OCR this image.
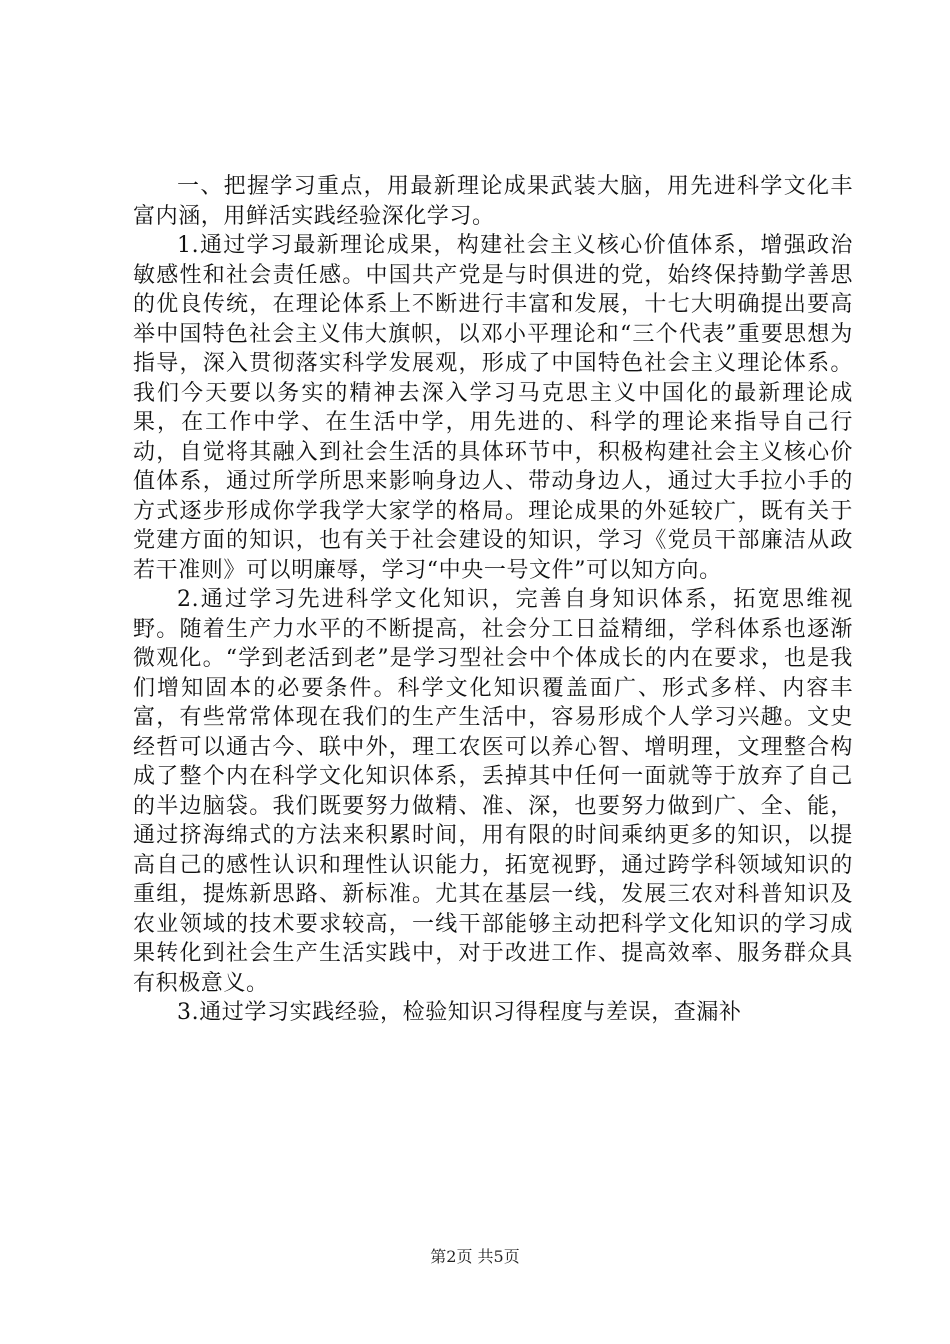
一、把握学习重点，用最新理论成果武装大脑，用先进科学文化丰富内涵，用鲜活实践经验深化学习。

1.通过学习最新理论成果，构建社会主义核心价值体系，增强政治敏感性和社会责任感。中国共产党是与时俱进的党，始终保持勤学善思的优良传统，在理论体系上不断进行丰富和发展，十七大明确提出要高举中国特色社会主义伟大旗帜，以邓小平理论和“三个代表”重要思想为指导，深入贯彻落实科学发展观，形成了中国特色社会主义理论体系。我们今天要以务实的精神去深入学习马克思主义中国化的最新理论成果，在工作中学、在生活中学，用先进的、科学的理论来指导自己行动，自觉将其融入到社会生活的具体环节中，积极构建社会主义核心价值体系，通过所学所思来影响身边人、带动身边人，通过大手拉小手的方式逐步形成你学我学大家学的格局。理论成果的外延较广，既有关于党建方面的知识，也有关于社会建设的知识，学习《党员干部廉洁从政若干准则》可以明廉辱，学习“中央一号文件”可以知方向。

2.通过学习先进科学文化知识，完善自身知识体系，拓宽思维视野。随着生产力水平的不断提高，社会分工日益精细，学科体系也逐渐微观化。“学到老活到老”是学习型社会中个体成长的内在要求，也是我们增知固本的必要条件。科学文化知识覆盖面广、形式多样、内容丰富，有些常常体现在我们的生产生活中，容易形成个人学习兴趣。文史经哲可以通古今、联中外，理工农医可以养心智、增明理，文理整合构成了整个内在科学文化知识体系，丢掉其中任何一面就等于放弃了自己的半边脑袋。我们既要努力做精、准、深，也要努力做到广、全、能，通过挤海绵式的方法来积累时间，用有限的时间乘纳更多的知识，以提高自己的感性认识和理性认识能力，拓宽视野，通过跨学科领域知识的重组，提炼新思路、新标准。尤其在基层一线，发展三农对科普知识及农业领域的技术要求较高，一线干部能够主动把科学文化知识的学习成果转化到社会生产生活实践中，对于改进工作、提高效率、服务群众具有积极意义。

3.通过学习实践经验，检验知识习得程度与差误，查漏补

第2页 共5页
